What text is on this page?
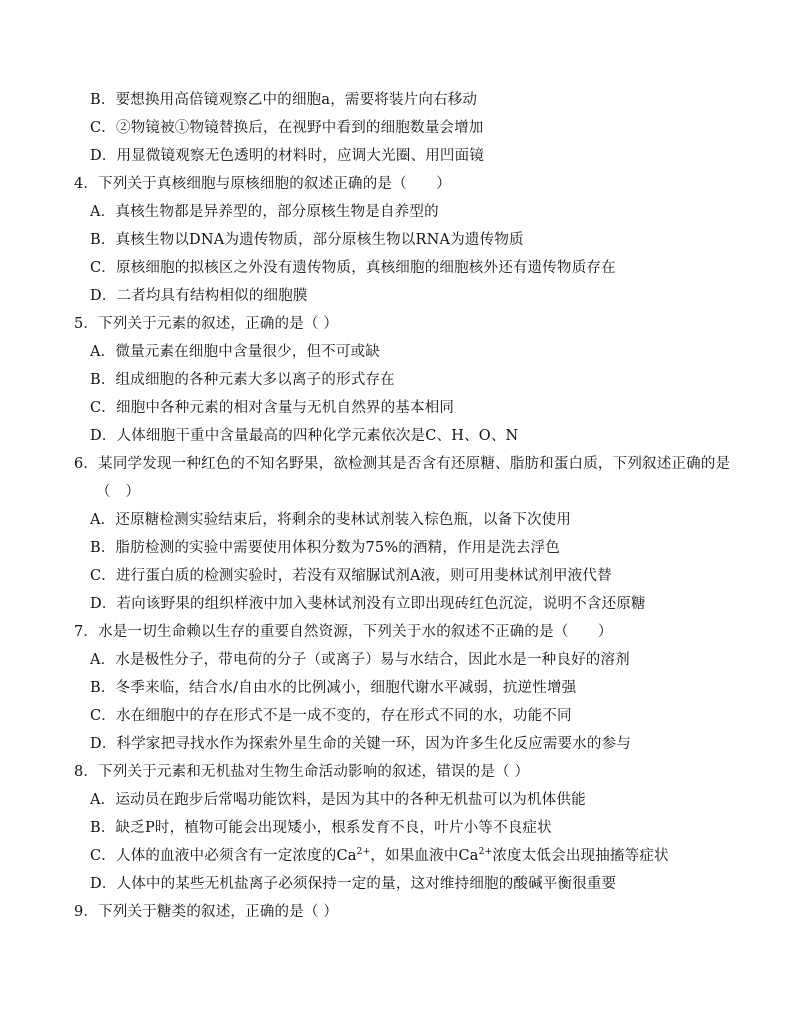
B．要想换用高倍镜观察乙中的细胞a，需要将装片向右移动
C．②物镜被①物镜替换后，在视野中看到的细胞数量会增加
D．用显微镜观察无色透明的材料时，应调大光圈、用凹面镜
4．下列关于真核细胞与原核细胞的叙述正确的是（　　）
A．真核生物都是异养型的，部分原核生物是自养型的
B．真核生物以DNA为遗传物质，部分原核生物以RNA为遗传物质
C．原核细胞的拟核区之外没有遗传物质，真核细胞的细胞核外还有遗传物质存在
D．二者均具有结构相似的细胞膜
5．下列关于元素的叙述，正确的是（ ）
A．微量元素在细胞中含量很少，但不可或缺
B．组成细胞的各种元素大多以离子的形式存在
C．细胞中各种元素的相对含量与无机自然界的基本相同
D．人体细胞干重中含量最高的四种化学元素依次是C、H、O、N
6．某同学发现一种红色的不知名野果，欲检测其是否含有还原糖、脂肪和蛋白质，下列叙述正确的是
（　）
A．还原糖检测实验结束后，将剩余的斐林试剂装入棕色瓶，以备下次使用
B．脂肪检测的实验中需要使用体积分数为75%的酒精，作用是洗去浮色
C．进行蛋白质的检测实验时，若没有双缩脲试剂A液，则可用斐林试剂甲液代替
D．若向该野果的组织样液中加入斐林试剂没有立即出现砖红色沉淀，说明不含还原糖
7．水是一切生命赖以生存的重要自然资源，下列关于水的叙述不正确的是（　　）
A．水是极性分子，带电荷的分子（或离子）易与水结合，因此水是一种良好的溶剂
B．冬季来临，结合水/自由水的比例减小，细胞代谢水平减弱，抗逆性增强
C．水在细胞中的存在形式不是一成不变的，存在形式不同的水，功能不同
D．科学家把寻找水作为探索外星生命的关键一环，因为许多生化反应需要水的参与
8．下列关于元素和无机盐对生物生命活动影响的叙述，错误的是（ ）
A．运动员在跑步后常喝功能饮料，是因为其中的各种无机盐可以为机体供能
B．缺乏P时，植物可能会出现矮小，根系发育不良，叶片小等不良症状
C．人体的血液中必须含有一定浓度的$Ca^{2+}$，如果血液中$Ca^{2+}$浓度太低会出现抽搐等症状
D．人体中的某些无机盐离子必须保持一定的量，这对维持细胞的酸碱平衡很重要
9．下列关于糖类的叙述，正确的是（ ）
